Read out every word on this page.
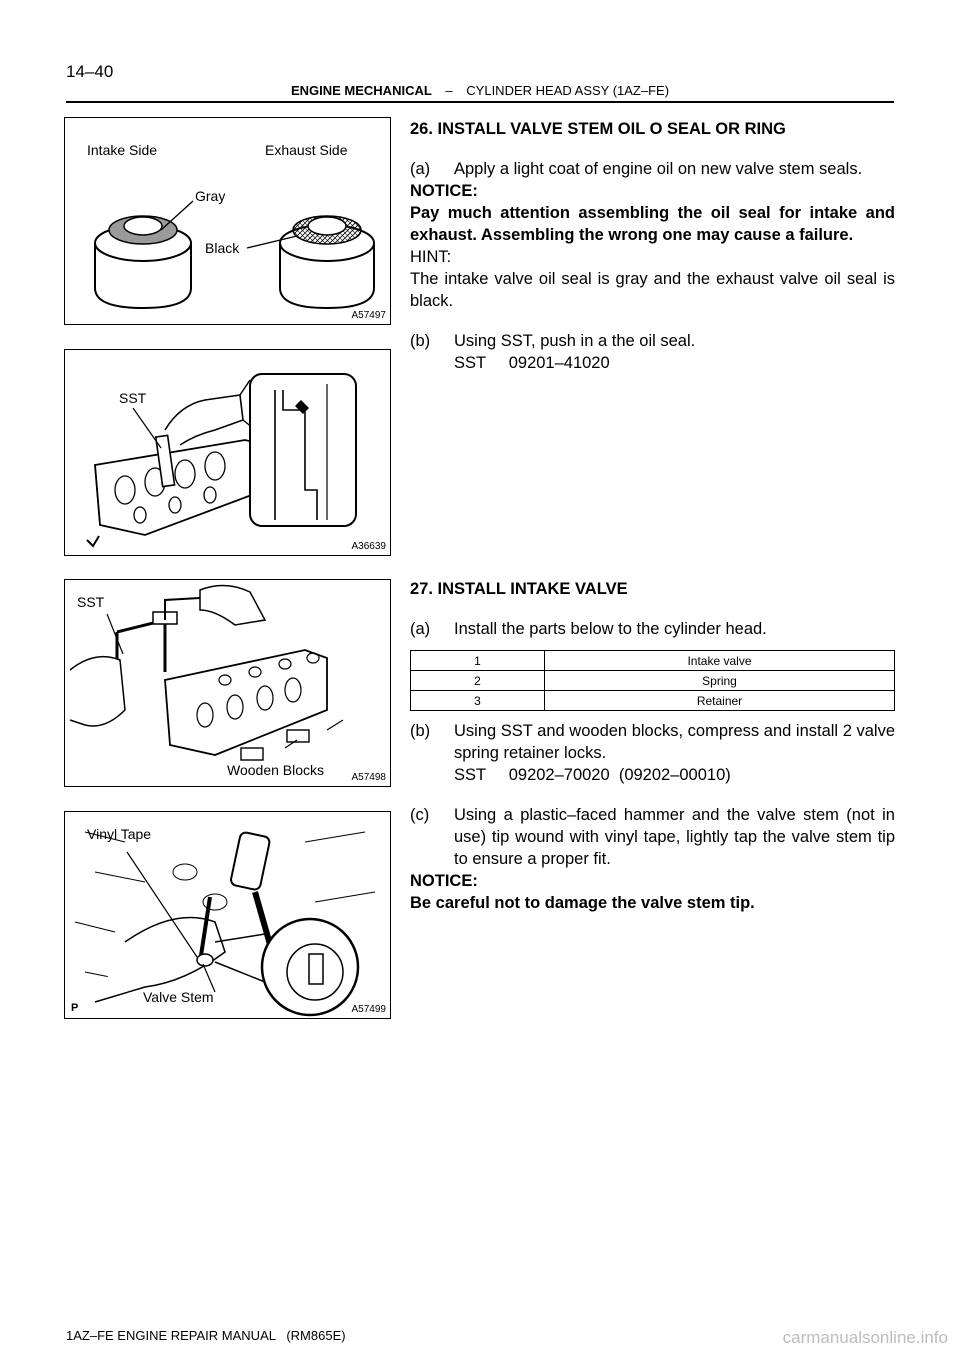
14–40
ENGINE MECHANICAL – CYLINDER HEAD ASSY (1AZ–FE)
Intake Side	Exhaust Side
Gray
Black
A57497
SST
A36639
SST
Wooden Blocks	A57498
Vinyl Tape
Valve Stem
P	A57499
26. INSTALL VALVE STEM OIL O SEAL OR RING
(a)	Apply a light coat of engine oil on new valve stem seals.
NOTICE:
Pay much attention assembling the oil seal for intake and exhaust. Assembling the wrong one may cause a failure.
HINT:
The intake valve oil seal is gray and the exhaust valve oil seal is black.
(b)	Using SST, push in a the oil seal.
SST     09201–41020
27. INSTALL INTAKE VALVE
(a)	Install the parts below to the cylinder head.
1	Intake valve
2	Spring
3	Retainer
(b)	Using SST and wooden blocks, compress and install 2 valve spring retainer locks.
SST     09202–70020  (09202–00010)
(c)	Using a plastic–faced hammer and the valve stem (not in use) tip wound with vinyl tape, lightly tap the valve stem tip to ensure a proper fit.
NOTICE:
Be careful not to damage the valve stem tip.
1AZ–FE ENGINE REPAIR MANUAL   (RM865E)	carmanualsonline.info
